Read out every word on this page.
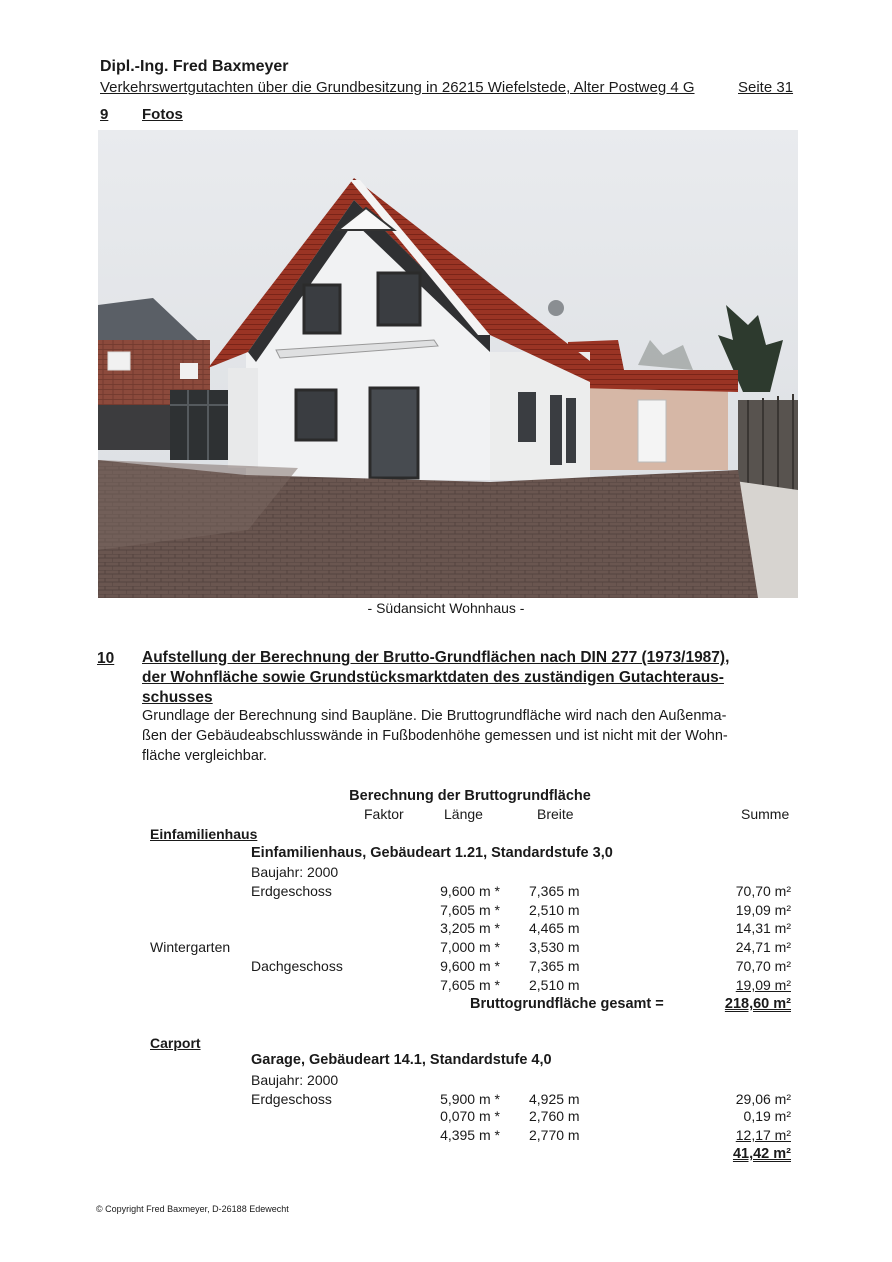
Dipl.-Ing. Fred Baxmeyer
Verkehrswertgutachten über die Grundbesitzung in 26215 Wiefelstede, Alter Postweg 4 G	Seite 31
9 Fotos
- Südansicht Wohnhaus -
10 Aufstellung der Berechnung der Brutto-Grundflächen nach DIN 277 (1973/1987),
der Wohnfläche sowie Grundstücksmarktdaten des zuständigen Gutachteraus-
schusses
Grundlage der Berechnung sind Baupläne. Die Bruttogrundfläche wird nach den Außenma-
ßen der Gebäudeabschlusswände in Fußbodenhöhe gemessen und ist nicht mit der Wohn-
fläche vergleichbar.
Berechnung der Bruttogrundfläche
Faktor	Länge	Breite	Summe
Einfamilienhaus
Einfamilienhaus, Gebäudeart 1.21, Standardstufe 3,0
Baujahr: 2000
Erdgeschoss	9,600 m * 7,365 m	70,70 m²
7,605 m * 2,510 m	19,09 m²
3,205 m * 4,465 m	14,31 m²
Wintergarten	7,000 m * 3,530 m	24,71 m²
Dachgeschoss	9,600 m * 7,365 m	70,70 m²
7,605 m * 2,510 m	19,09 m²
Bruttogrundfläche gesamt =	218,60 m²
Carport
Garage, Gebäudeart 14.1, Standardstufe 4,0
Baujahr: 2000
Erdgeschoss	5,900 m * 4,925 m	29,06 m²
0,070 m * 2,760 m	0,19 m²
4,395 m * 2,770 m	12,17 m²
41,42 m²
© Copyright Fred Baxmeyer, D-26188 Edewecht
